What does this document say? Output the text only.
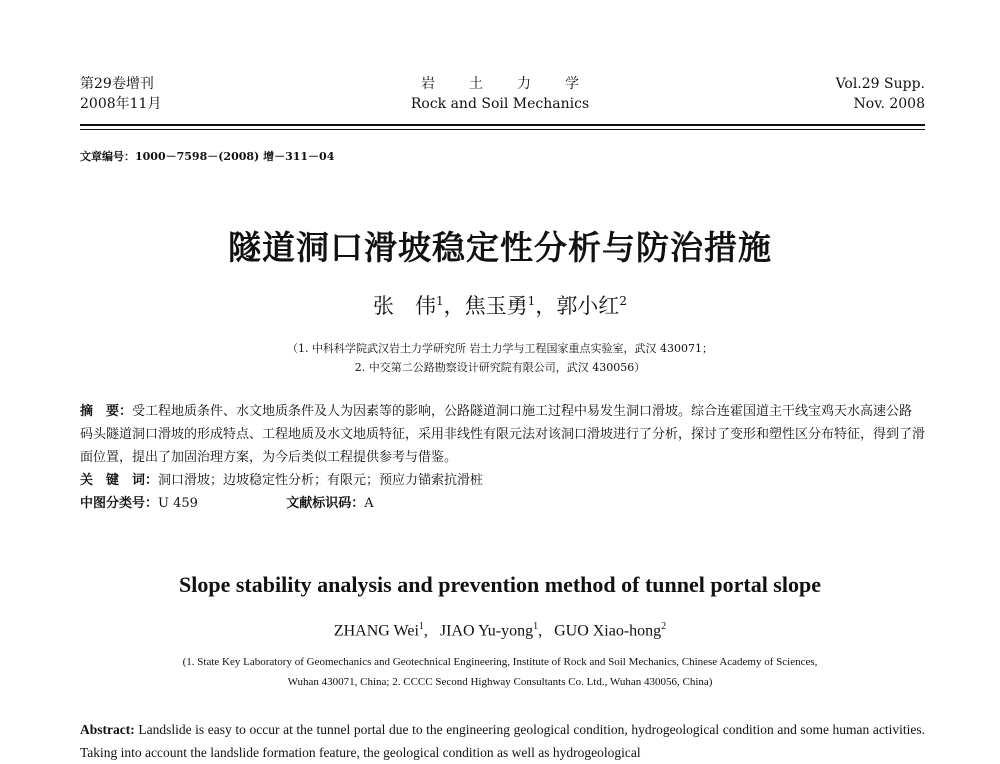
第29卷增刊
2008年11月
岩土力学
Rock and Soil Mechanics
Vol.29 Supp.
Nov. 2008
文章编号：1000－7598－(2008) 增－311－04
隧道洞口滑坡稳定性分析与防治措施
张　伟$^1$，焦玉勇$^1$，郭小红$^2$
（1. 中科科学院武汉岩土力学研究所 岩土力学与工程国家重点实验室，武汉 430071；
2. 中交第二公路勘察设计研究院有限公司，武汉 430056）
摘　要：受工程地质条件、水文地质条件及人为因素等的影响，公路隧道洞口施工过程中易发生洞口滑坡。综合连霍国道主干线宝鸡天水高速公路码头隧道洞口滑坡的形成特点、工程地质及水文地质特征，采用非线性有限元法对该洞口滑坡进行了分析，探讨了变形和塑性区分布特征，得到了滑面位置，提出了加固治理方案，为今后类似工程提供参考与借鉴。
关　键　词：洞口滑坡；边坡稳定性分析；有限元；预应力锚索抗滑桩
中图分类号：U 459	文献标识码：A
Slope stability analysis and prevention method of tunnel portal slope
ZHANG Wei$^1$, JIAO Yu-yong$^1$, GUO Xiao-hong$^2$
(1. State Key Laboratory of Geomechanics and Geotechnical Engineering, Institute of Rock and Soil Mechanics, Chinese Academy of Sciences,
Wuhan 430071, China; 2. CCCC Second Highway Consultants Co. Ltd., Wuhan 430056, China)
Abstract: Landslide is easy to occur at the tunnel portal due to the engineering geological condition, hydrogeological condition and some human activities. Taking into account the landslide formation feature, the geological condition as well as hydrogeological
